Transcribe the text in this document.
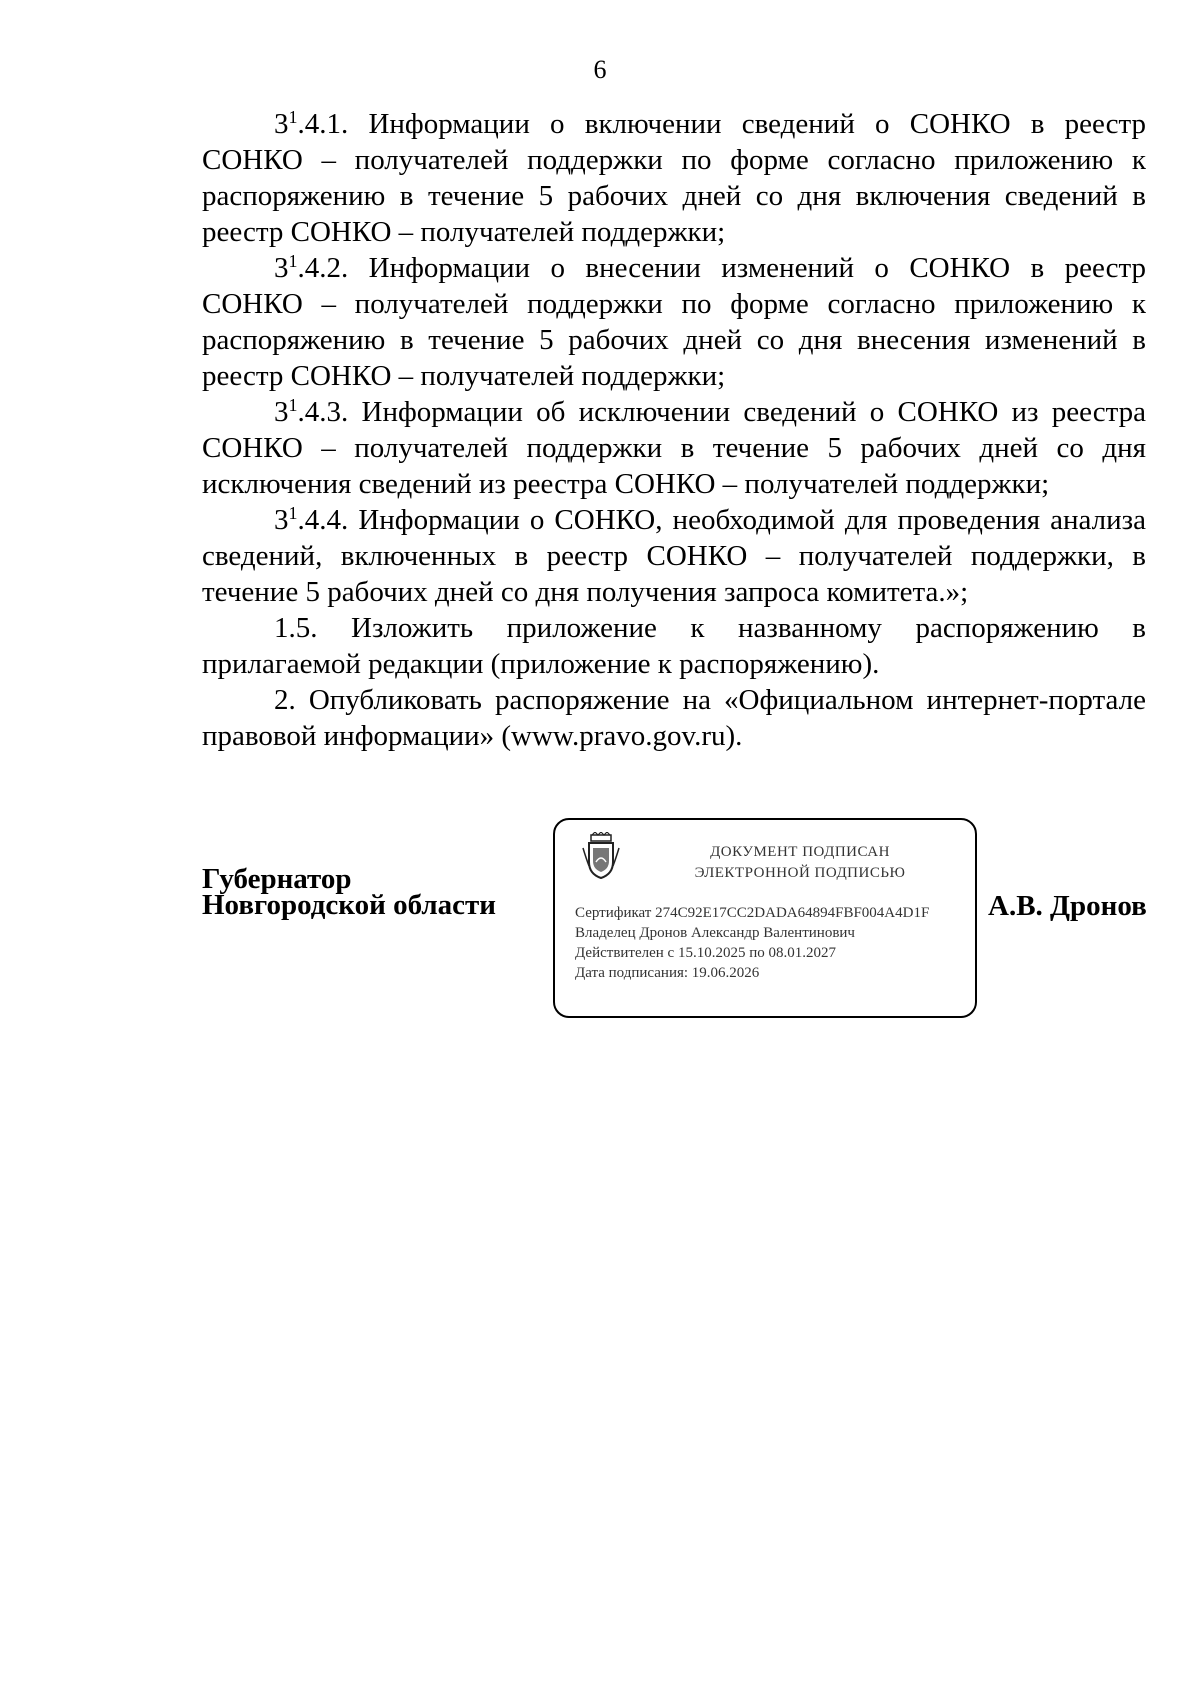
6

$3^1.4.1$. Информации о включении сведений о СОНКО в реестр СОНКО – получателей поддержки по форме согласно приложению к распоряжению в течение 5 рабочих дней со дня включения сведений в реестр СОНКО – получателей поддержки;

$3^1.4.2$. Информации о внесении изменений о СОНКО в реестр СОНКО – получателей поддержки по форме согласно приложению к распоряжению в течение 5 рабочих дней со дня внесения изменений в реестр СОНКО – получателей поддержки;

$3^1.4.3$. Информации об исключении сведений о СОНКО из реестра СОНКО – получателей поддержки в течение 5 рабочих дней со дня исключения сведений из реестра СОНКО – получателей поддержки;

$3^1.4.4$. Информации о СОНКО, необходимой для проведения анализа сведений, включенных в реестр СОНКО – получателей поддержки, в течение 5 рабочих дней со дня получения запроса комитета.»;

1.5. Изложить приложение к названному распоряжению в прилагаемой редакции (приложение к распоряжению).

2. Опубликовать распоряжение на «Официальном интернет-портале правовой информации» (www.pravo.gov.ru).

Губернатор
Новгородской области
ДОКУМЕНТ ПОДПИСАН
ЭЛЕКТРОННОЙ ПОДПИСЬЮ
Сертификат 274C92E17CC2DADA64894FBF004A4D1F
Владелец Дронов Александр Валентинович
Действителен с 15.10.2025 по 08.01.2027
Дата подписания: 19.06.2026
А.В. Дронов
